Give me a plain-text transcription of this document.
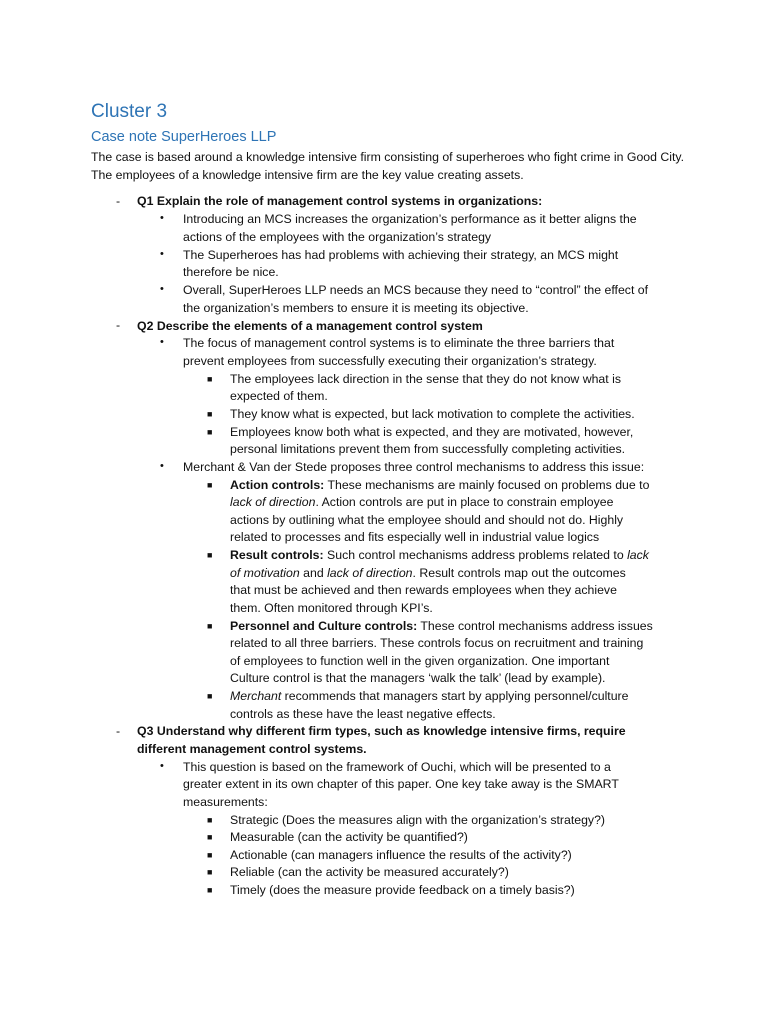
Cluster 3
Case note SuperHeroes LLP
The case is based around a knowledge intensive firm consisting of superheroes who fight crime in Good City. The employees of a knowledge intensive firm are the key value creating assets.
- Q1 Explain the role of management control systems in organizations:
• Introducing an MCS increases the organization’s performance as it better aligns the
actions of the employees with the organization’s strategy
• The Superheroes has had problems with achieving their strategy, an MCS might
therefore be nice.
• Overall, SuperHeroes LLP needs an MCS because they need to “control” the effect of
the organization’s members to ensure it is meeting its objective.
- Q2 Describe the elements of a management control system
• The focus of management control systems is to eliminate the three barriers that
prevent employees from successfully executing their organization’s strategy.
■ The employees lack direction in the sense that they do not know what is
expected of them.
■ They know what is expected, but lack motivation to complete the activities.
■ Employees know both what is expected, and they are motivated, however,
personal limitations prevent them from successfully completing activities.
• Merchant & Van der Stede proposes three control mechanisms to address this issue:
■ Action controls: These mechanisms are mainly focused on problems due to
lack of direction. Action controls are put in place to constrain employee
actions by outlining what the employee should and should not do. Highly
related to processes and fits especially well in industrial value logics
■ Result controls: Such control mechanisms address problems related to lack
of motivation and lack of direction. Result controls map out the outcomes
that must be achieved and then rewards employees when they achieve
them. Often monitored through KPI’s.
■ Personnel and Culture controls: These control mechanisms address issues
related to all three barriers. These controls focus on recruitment and training
of employees to function well in the given organization. One important
Culture control is that the managers ‘walk the talk’ (lead by example).
■ Merchant recommends that managers start by applying personnel/culture
controls as these have the least negative effects.
- Q3 Understand why different firm types, such as knowledge intensive firms, require
different management control systems.
• This question is based on the framework of Ouchi, which will be presented to a
greater extent in its own chapter of this paper. One key take away is the SMART
measurements:
■ Strategic (Does the measures align with the organization’s strategy?)
■ Measurable (can the activity be quantified?)
■ Actionable (can managers influence the results of the activity?)
■ Reliable (can the activity be measured accurately?)
■ Timely (does the measure provide feedback on a timely basis?)
